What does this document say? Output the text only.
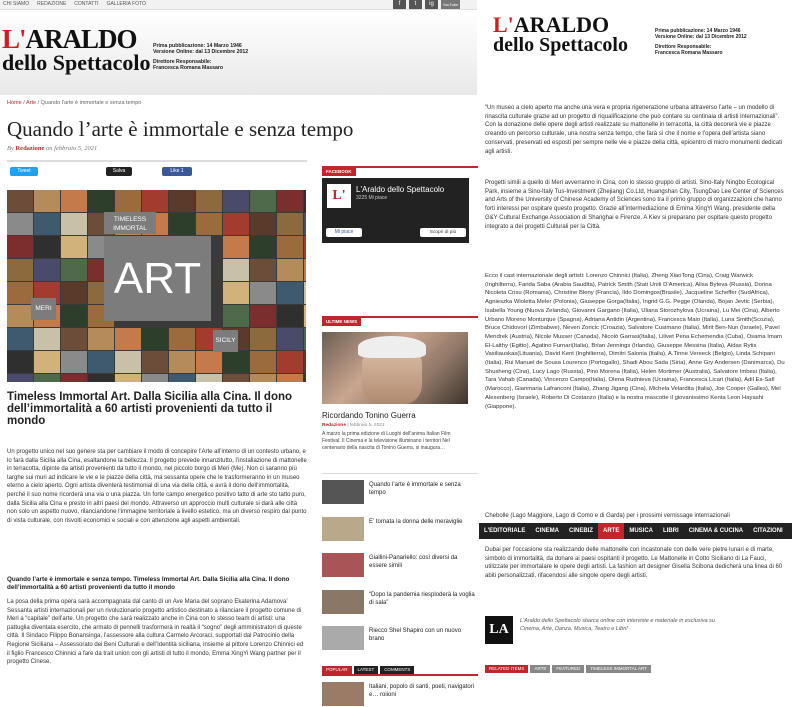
CHI SIAMO REDAZIONE CONTATTI GALLERIA FOTO	f	t	ig	YouTube
L'ARALDO
dello Spettacolo
Prima pubblicazione: 14 Marzo 1946
Versione Online: dal 13 Dicembre 2012
Direttore Responsabile:
Francesca Romana Massaro
Home / Arte / Quando l'arte è immortale e senza tempo
Quando l’arte è immortale e senza tempo
By Redazione on febbraio 5, 2021
Tweet	Salva	Like 1
ART
TIMELESS IMMORTAL
MERI
SICILY
Timeless Immortal Art. Dalla Sicilia alla Cina. Il dono dell’immortalità a 60 artisti provenienti da tutto il mondo
Un progetto unico nel suo genere sta per cambiare il modo di concepire l’Arte all’interno di un contesto urbano, e lo farà dalla Sicilia alla Cina, esaltandone la bellezza. Il progetto prevede innanzitutto, l’installazione di mattonelle in terracotta, dipinte da artisti provenienti da tutto il mondo, nel piccolo borgo di Meri (Me). Non ci saranno più targhe sui muri ad indicare le vie e le piazze della città, ma sessanta opere che le trasformeranno in un museo eterno a cielo aperto. Ogni artista diventerà testimonial di una via della città, e avrà il dono dell’immortalità, perché il suo nome ricorderà una via o una piazza. Un forte campo energetico positivo tatto di arte sto tatto puro, dalla Sicilia alla Cina e presto in altri paesi del mondo. Attraverso un approccio multi culturale si darà alle città non solo un aspetto nuovo, rilanciandone l’immagine territoriale a livello estetico, ma un diverso respiro dal punto di vista culturale, con risvolti economici e sociali e con attenzione agli aspetti ambientali.
Quando l’arte è immortale e senza tempo. Timeless Immortal Art. Dalla Sicilia alla Cina. Il dono dell’immortalità a 60 artisti provenienti da tutto il mondo
La posa della prima opera sarà accompagnata dal canto di un Ave Maria del soprano Ekaterina Adamova’ Sessanta artisti internazionali per un rivoluzionario progetto artistico destinato a rilanciare il progetto comune di Meri a “capitale” dell’arte. Un progetto che sarà realizzato anche in Cina con lo stesso team di artisti: una pattuglia diventata esercito, che armato di pennelli trasformerà in realtà il “sogno” degli amministratori di queste città. Il Sindaco Filippo Bonansinga, l’assessore alla cultura Carmelo Arcoraci, supportati dal Patrocinio della Regione Siciliana – Assessorato dei Beni Culturali e dell’Identità siciliana, insieme al pittore Lorenzo Chinnici ed il figlio Francesco Chinnici a fare da trait union con gli artisti di tutto il mondo, Emma XingYi Wang partner per il progetto Cinese.
FACEBOOK
L'	L'Araldo dello Spettacolo
3225 Mi piace
Mi piace	Scopri di più
ULTIME NEWS
Ricordando Tonino Guerra
Redazione | febbraio 5, 2021
A marzo la prima edizione di Luoghi dell'anima Italian Film Festival. Il Cinema e la televisione illuminano i territori Nel centenario della nascita di Tonino Guerra, si inaugura…
Quando l’arte è immortale e senza tempo
E’ tornata la donna delle meraviglie
Giallini-Panariello: così diversi da essere simili
“Dopo la pandemia riesploderà la voglia di sala”
Riecco Shel Shapiro con un nuovo brano
POPULAR	LATEST	COMMENTS
Italiani, popolo di santi, poeti, navigatori e… roiioni
L'ARALDO
dello Spettacolo
Prima pubblicazione: 14 Marzo 1946
Versione Online: dal 13 Dicembre 2012
Direttore Responsabile:
Francesca Romana Massaro
“Un museo a cielo aperto ma anche una vera e propria rigenerazione urbana attraverso l’arte – un modello di rinascita culturale grazie ad un progetto di riqualificazione che può contare su centinaia di artisti internazionali”. Con la donazione delle opere degli artisti realizzate su mattonelle in terracotta, la città decorerà vie e piazze creando un percorso culturale, una nostra senza tempo, che farà sì che il nome e l’opera dell’artista siano conservati, preservati ed esposti per sempre nelle vie e piazze della città, epicentro di micro monumenti dedicati agli artisti.
Progetti simili a quello di Meri avverranno in Cina, con lo stesso gruppo di artisti. Sino-Italy Ningbo Ecological Park, insieme a Sino-Italy Tus-Investment (Zhejiang) Co.Ltd, Huangshan City, TsungDao Lee Center of Sciences and Arts of the University of Chinese Academy of Sciences sono tra il primo gruppo di organizzazioni che hanno forti interessi per ospitare questo progetto. Grazie all’intermediazione di Emma XingYi Wang, presidente della G&Y Cultural Exchange Association di Shanghai e Firenze. A Kiev si preparano per ospitare questo progetto integrato a dei progetti Culturali per la Città.
Ecco il cast internazionale degli artisti: Lorenzo Chinnici (Italia), Zheng XiaoTong (Cina), Craig Warwick (Inghilterra), Farida Saba (Arabia Saudita), Patrick Smith (Stati Uniti D’America), Alisa Byteva (Russia), Dorina Nicoleta Crisu (Romania), Christine Bleny (Francia), Ildo Domingos(Brasile), Jacqueline Scheffer (SudAfrica), Agnieszka Wioletta Meler (Polonia), Giuseppe Gorga(Italia), Ingrid G.G. Pegge (Olanda), Bojan Jevtic (Serbia), Isabella Young (Nuova Zelanda), Giovanni Gargano (Italia), Uliana Storozhylova (Ucraina), Lu Mei (Cina), Alberto Urbano Moreno Monturque (Spagna), Adriana Antidin (Argentina), Francesca Maio (Italia), Luna Smith(Scozia), Bruce Chidovori (Zimbabwe), Neven Zoricic (Croazia), Salvatore Cusimano (Italia), Mirit Ben-Nun (Israele), Pavel Mendrek (Austria), Nicole Musser (Canada), Nicolò Garrasi(Italia), Lilivet Pena Echemendia (Cuba), Osama Imam El-Laithy (Egitto), Agatino Furnari(Italia), Brian Jennings (Irlanda), Giuseppe Messina (Italia), Aidas Rytis Vasiliauskas(Lituania), David Kent (Inghilterra), Dimitri Salonia (Italia), A.Tinne Vereeck (Belgio), Linda Schipani (Italia), Rui Manuel de Sousa Lourenco (Portogallo), Shadi Abou Sada (Siria), Anne Gry Andersen (Danimarca), Du Shusheng (Cina), Lucy Lago (Russia), Pino Morena (Italia), Helen Mortimer (Australia), Salvatore Imbesi (Italia), Tara Vahab (Canada), Vincenzo Campo(Italia), Olena Rudnieva (Ucraina), Francesca Licari (Italia), Adil Es-Safi (Marocco), Gianmaria Lafranconi (Italia), Zhang Jigang (Cina), Michela Velardita (Italia), Joe Cooper (Galles), Mel Alexenberg (Israele), Roberto Di Costanzo (Italia) e la nostra mascotte il giovanissimo Kenta Leon Hayashi (Giappone).
Chebolle (Lago Maggiore, Lago di Como e di Garda) per i prossimi vernissage internazionali
L'EDITORIALE	CINEMA	CINEBIZ	ARTE	MUSICA	LIBRI	CINEMA & CUCINA	CITAZIONI
Dubai per l’occasione sta realizzando delle mattonelle con incastonate con delle vere pietre lunari e di marte, simbolo di immortalità, da donare ai paesi ospitanti il progetto. Le Mattonelle in Cotto Siciliano di La Fauci, utilizzate per immortalare le opere degli artisti. La fashion art designer Gisella Scibona dedicherà una linea di 60 abiti personalizzati, rifacendosi alle singole opere degli artisti.
LA
L'Araldo dello Spettacolo sbarca online con interviste e materiale in esclusiva su Cinema, Arte, Danza, Musica, Teatro e Libri!
RELATED ITEMS	ARTE	FEATURED	TIMELESS IMMORTAL ART
